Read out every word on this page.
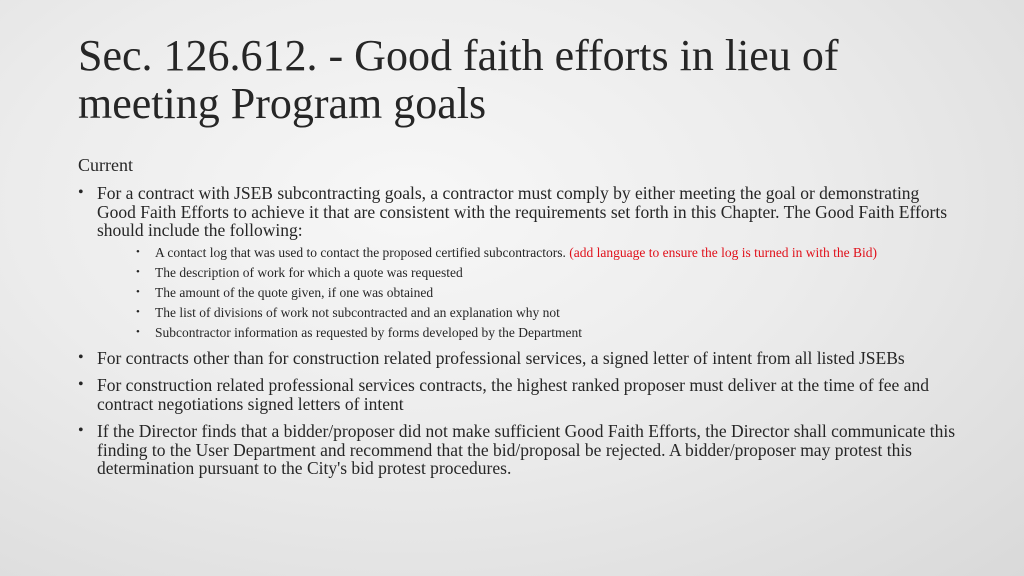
Sec. 126.612. - Good faith efforts in lieu of meeting Program goals
Current
• For a contract with JSEB subcontracting goals, a contractor must comply by either meeting the goal or demonstrating Good Faith Efforts to achieve it that are consistent with the requirements set forth in this Chapter. The Good Faith Efforts should include the following:
• A contact log that was used to contact the proposed certified subcontractors. (add language to ensure the log is turned in with the Bid)
• The description of work for which a quote was requested
• The amount of the quote given, if one was obtained
• The list of divisions of work not subcontracted and an explanation why not
• Subcontractor information as requested by forms developed by the Department
• For contracts other than for construction related professional services, a signed letter of intent from all listed JSEBs
• For construction related professional services contracts, the highest ranked proposer must deliver at the time of fee and contract negotiations signed letters of intent
• If the Director finds that a bidder/proposer did not make sufficient Good Faith Efforts, the Director shall communicate this finding to the User Department and recommend that the bid/proposal be rejected. A bidder/proposer may protest this determination pursuant to the City's bid protest procedures.
